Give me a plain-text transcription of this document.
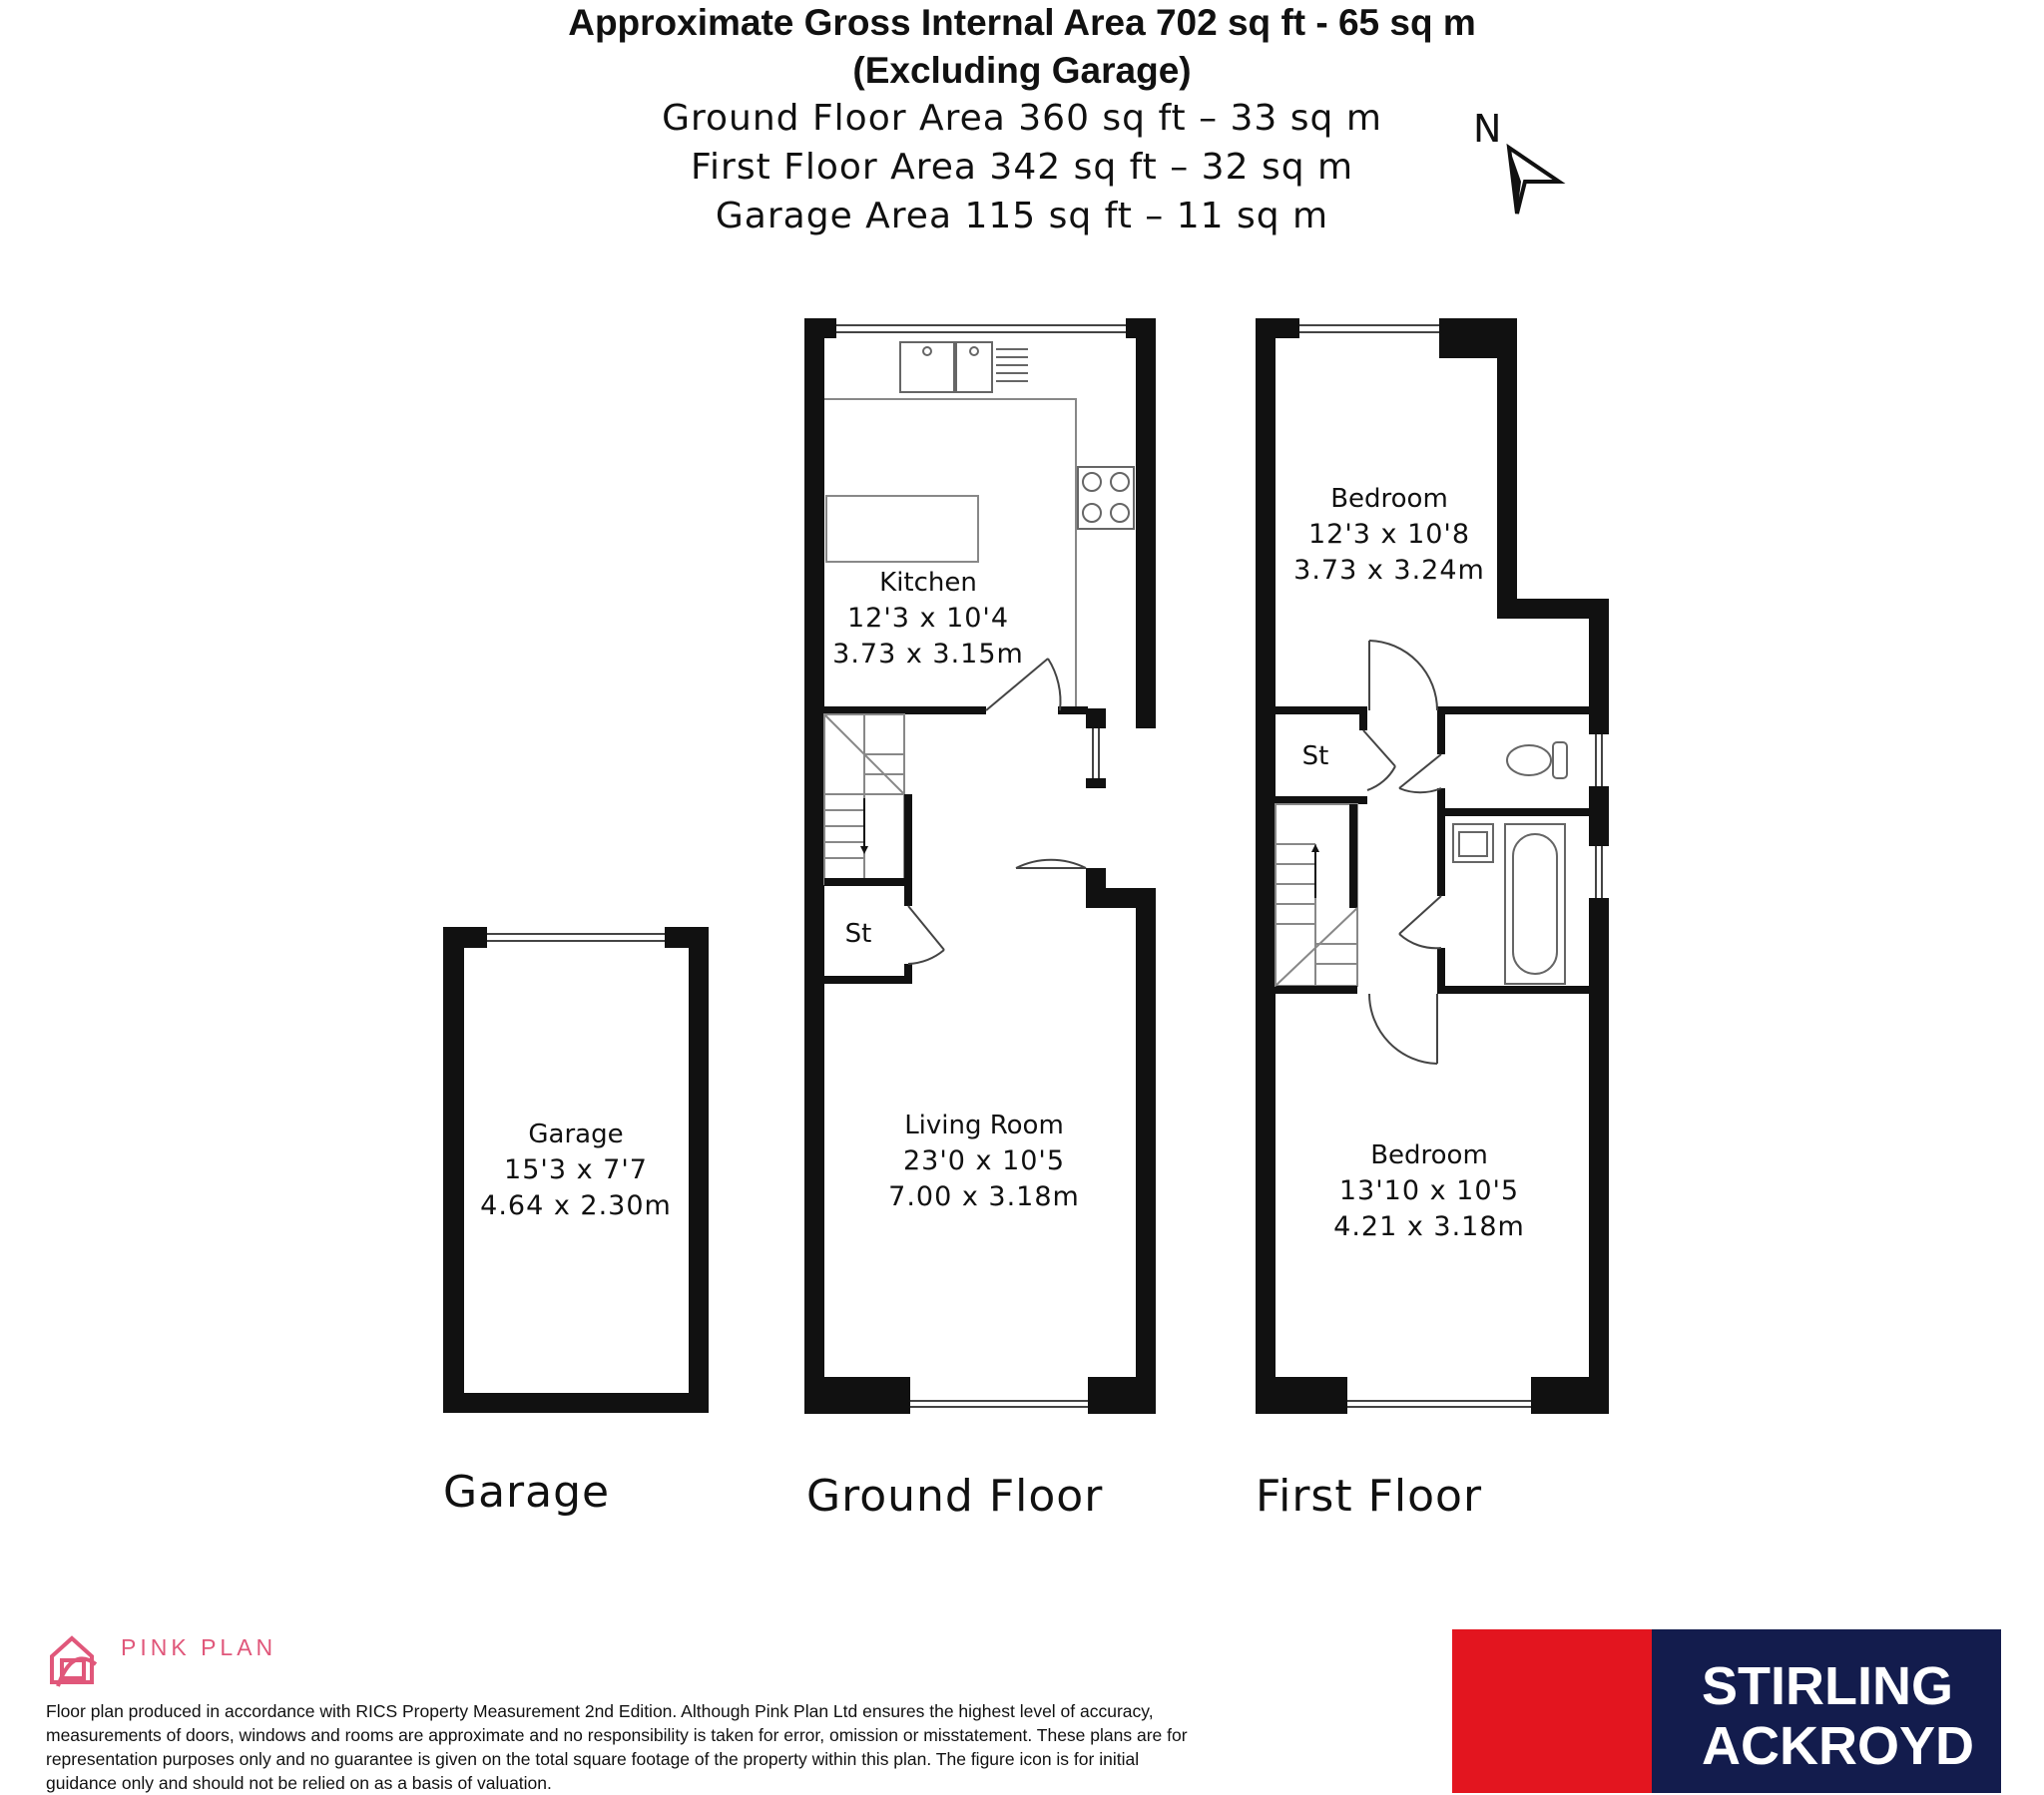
Approximate Gross Internal Area 702 sq ft - 65 sq m
(Excluding Garage)
Ground Floor Area 360 sq ft – 33 sq m
First Floor Area 342 sq ft – 32 sq m
Garage Area 115 sq ft – 11 sq m
N
Garage
15'3 x 7'7
4.64 x 2.30m
St
Kitchen
12'3 x 10'4
3.73 x 3.15m
Living Room
23'0 x 10'5
7.00 x 3.18m
St
Bedroom
12'3 x 10'8
3.73 x 3.24m
Bedroom
13'10 x 10'5
4.21 x 3.18m
Garage	Ground Floor	First Floor
PINK PLAN
Floor plan produced in accordance with RICS Property Measurement 2nd Edition. Although Pink Plan Ltd ensures the highest level of accuracy, measurements of doors, windows and rooms are approximate and no responsibility is taken for error, omission or misstatement. These plans are for representation purposes only and no guarantee is given on the total square footage of the property within this plan. The figure icon is for initial guidance only and should not be relied on as a basis of valuation.
STIRLING
ACKROYD
